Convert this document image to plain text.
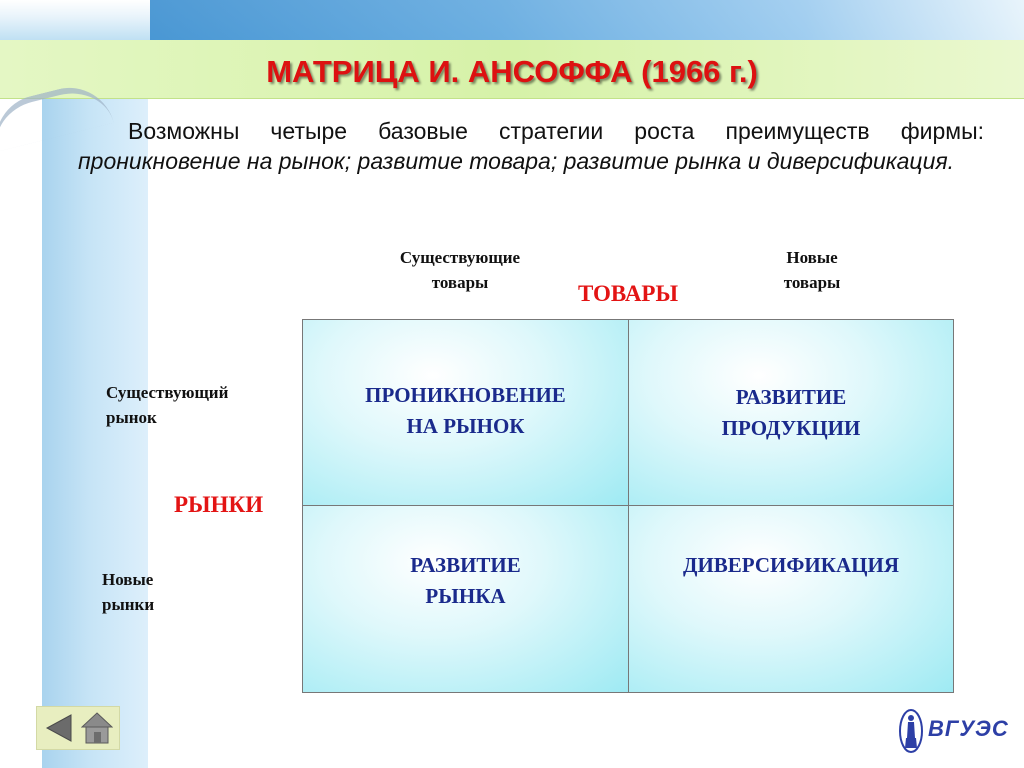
МАТРИЦА И. АНСОФФА (1966 г.)
Возможны четыре базовые стратегии роста преимуществ фирмы: проникновение на рынок; развитие товара; развитие рынка и диверсификация.
Существующие
товары
Новые
товары
ТОВАРЫ
Существующий
рынок
РЫНКИ
Новые
рынки
ПРОНИКНОВЕНИЕ
НА РЫНОК
РАЗВИТИЕ
ПРОДУКЦИИ
РАЗВИТИЕ
РЫНКА
ДИВЕРСИФИКАЦИЯ
ВГУЭС
